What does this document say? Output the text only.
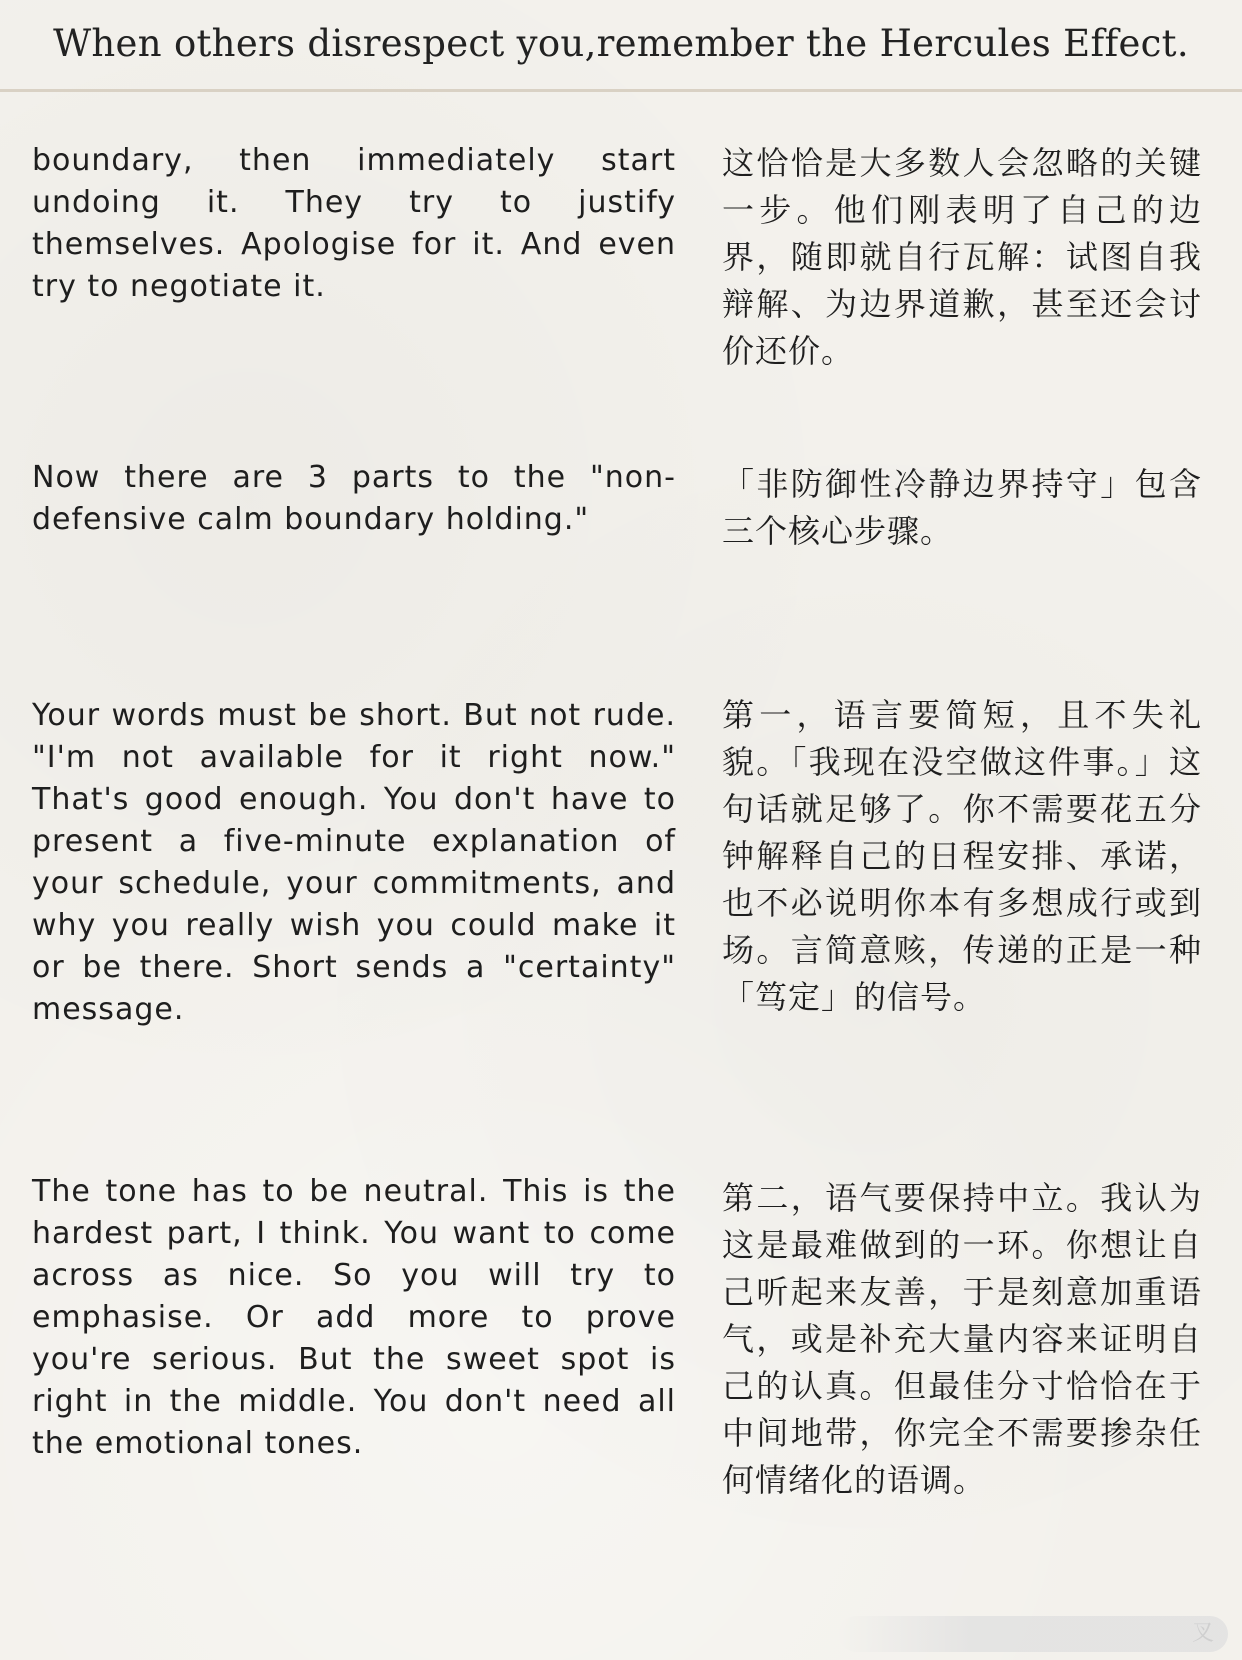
When others disrespect you,remember the Hercules Effect.

boundary, then immediately start undoing it. They try to justify themselves. Apologise for it. And even try to negotiate it.

这恰恰是大多数人会忽略的关键一步。他们刚表明了自己的边界，随即就自行瓦解：试图自我辩解、为边界道歉，甚至还会讨价还价。

Now there are 3 parts to the "non-defensive calm boundary holding."

「非防御性冷静边界持守」包含三个核心步骤。

Your words must be short. But not rude. "I'm not available for it right now." That's good enough. You don't have to present a five-minute explanation of your schedule, your commitments, and why you really wish you could make it or be there. Short sends a "certainty" message.

第一，语言要简短，且不失礼貌。「我现在没空做这件事。」这句话就足够了。你不需要花五分钟解释自己的日程安排、承诺，也不必说明你本有多想成行或到场。言简意赅，传递的正是一种「笃定」的信号。

The tone has to be neutral. This is the hardest part, I think. You want to come across as nice. So you will try to emphasise. Or add more to prove you're serious. But the sweet spot is right in the middle. You don't need all the emotional tones.

第二，语气要保持中立。我认为这是最难做到的一环。你想让自己听起来友善，于是刻意加重语气，或是补充大量内容来证明自己的认真。但最佳分寸恰恰在于中间地带，你完全不需要掺杂任何情绪化的语调。

叉
